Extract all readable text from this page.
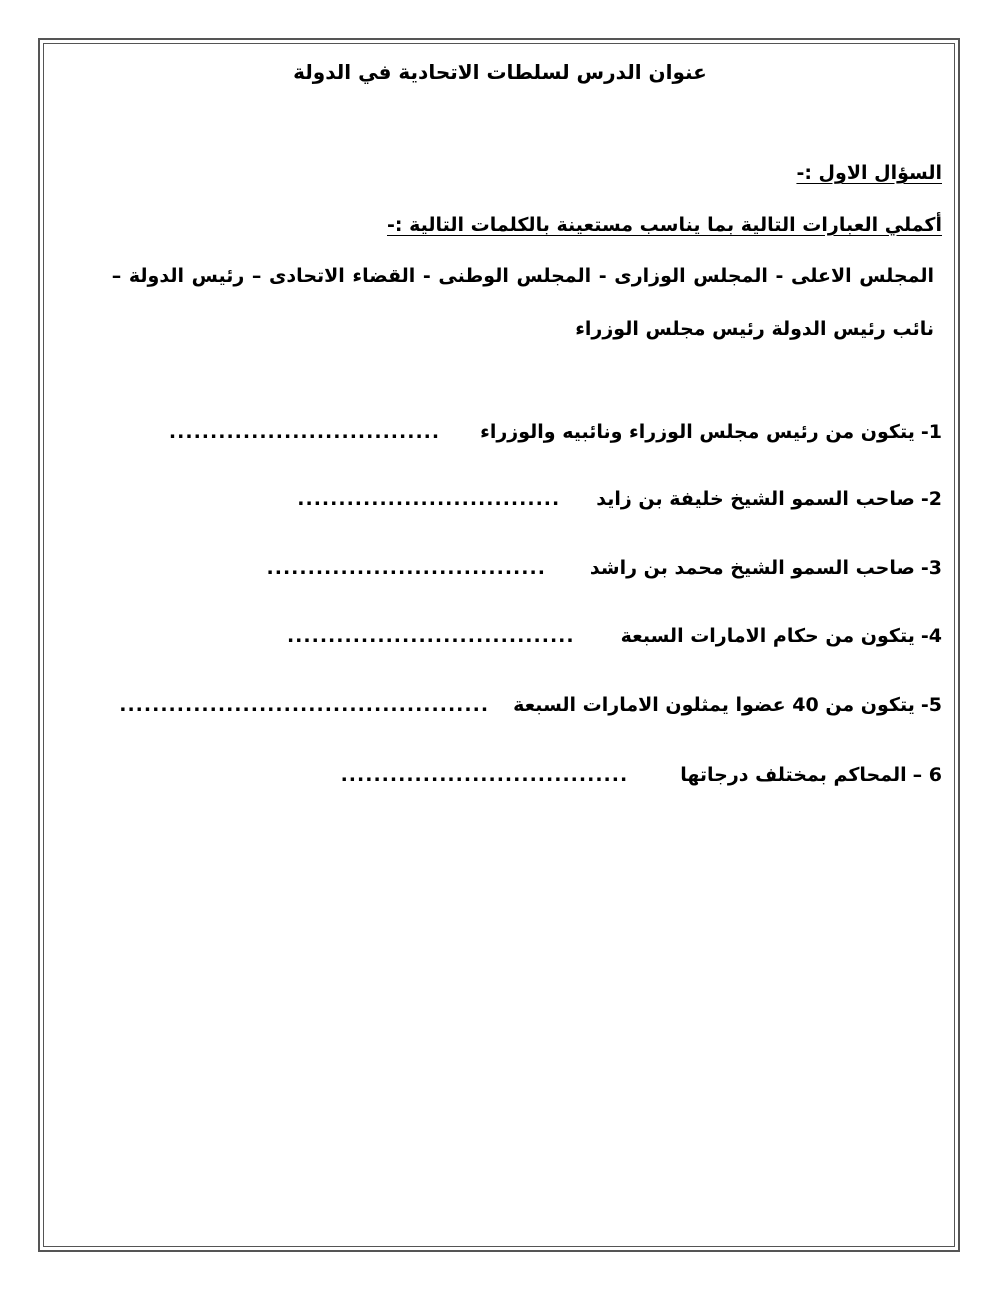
عنوان الدرس لسلطات الاتحادية في الدولة
السؤال الاول :-
أكملي العبارات التالية بما يناسب مستعينة بالكلمات التالية :-
المجلس الاعلى - المجلس الوزارى - المجلس الوطنى - القضاء الاتحادى – رئيس الدولة –
نائب رئيس الدولة رئيس مجلس الوزراء
1-
يتكون من رئيس مجلس الوزراء ونائبيه والوزراء
.................................
2-
صاحب السمو الشيخ خليفة بن زايد
................................
3-
صاحب السمو الشيخ محمد بن راشد
..................................
4-
يتكون من حكام الامارات السبعة
...................................
5-
يتكون من 40 عضوا يمثلون الامارات السبعة
.............................................
6 –
المحاكم بمختلف درجاتها
...................................
